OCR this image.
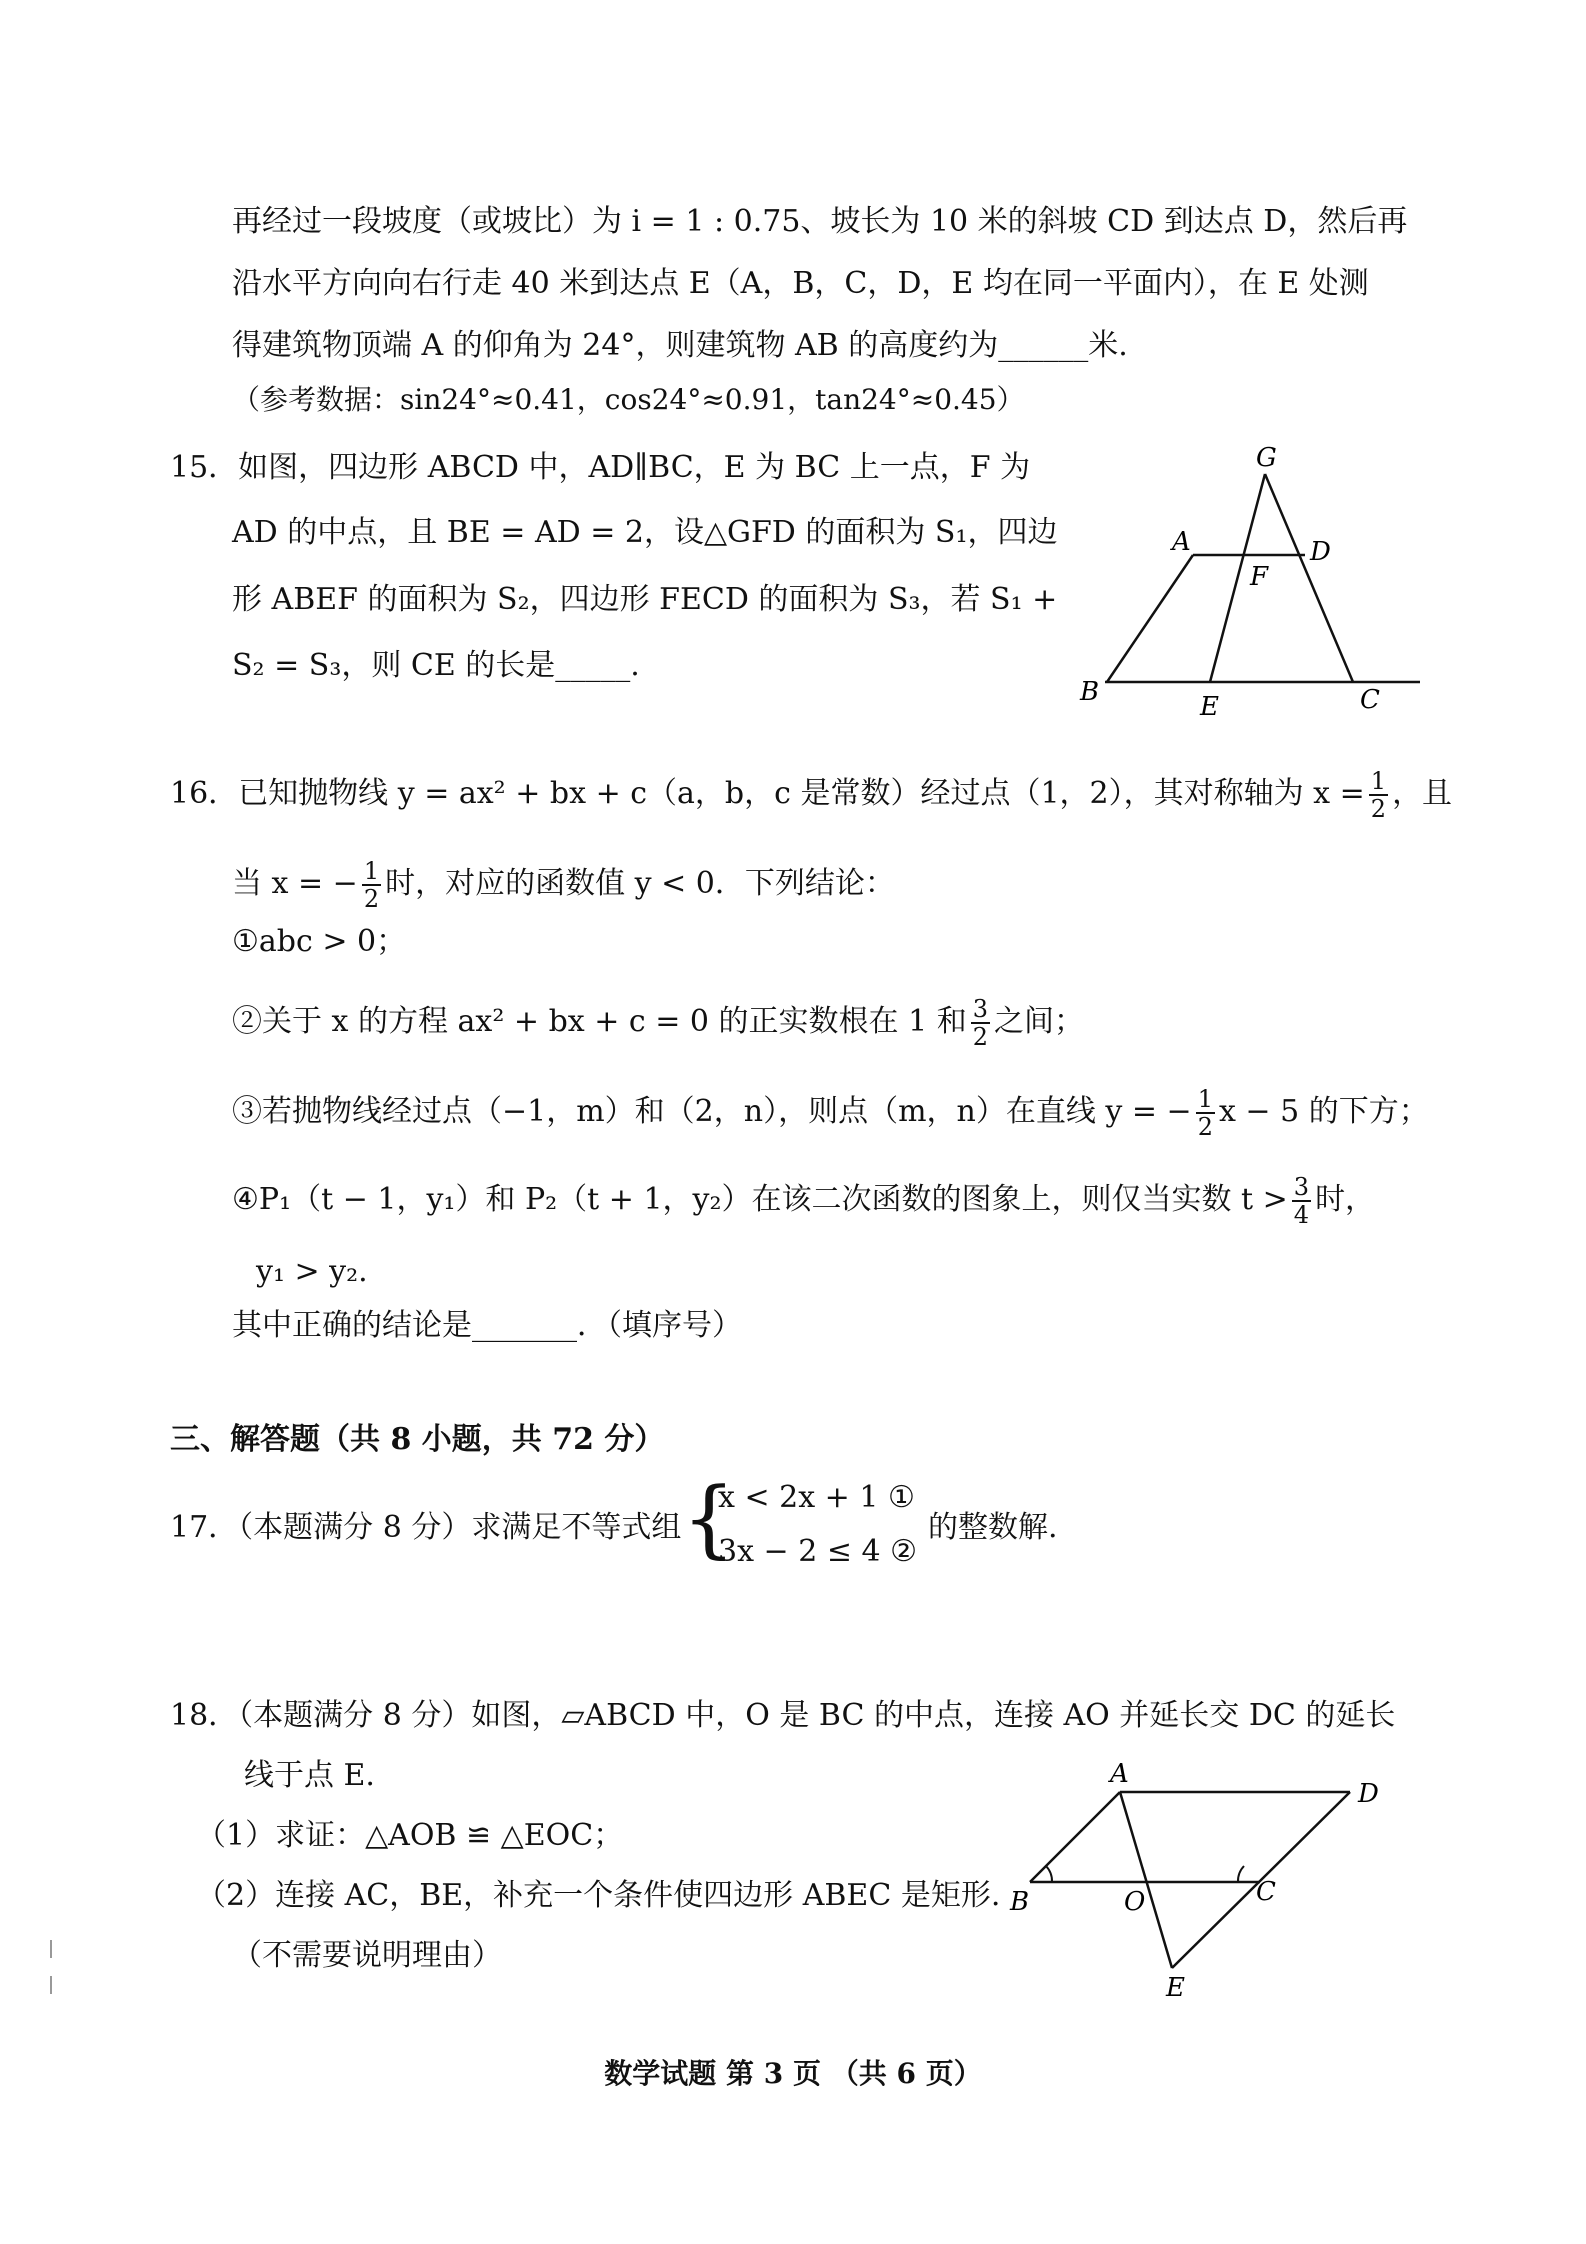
再经过一段坡度（或坡比）为 i = 1 : 0.75、坡长为 10 米的斜坡 CD 到达点 D，然后再
沿水平方向向右行走 40 米到达点 E（A，B，C，D，E 均在同一平面内），在 E 处测
得建筑物顶端 A 的仰角为 24°，则建筑物 AB 的高度约为______米.
（参考数据：sin24°≈0.41，cos24°≈0.91，tan24°≈0.45）
15．如图，四边形 ABCD 中，AD∥BC，E 为 BC 上一点，F 为
AD 的中点，且 BE = AD = 2，设△GFD 的面积为 S₁，四边
形 ABEF 的面积为 S₂，四边形 FECD 的面积为 S₃，若 S₁ +
S₂ = S₃，则 CE 的长是_____.
G
A	D
F
B	E	C
16．已知抛物线 y = ax² + bx + c（a，b，c 是常数）经过点（1，2），其对称轴为 $x = \frac{1}{2}$ ，且
当 x = − $\frac{1}{2}$ 时，对应的函数值 y < 0．下列结论：
①abc > 0；
②关于 x 的方程 ax² + bx + c = 0 的正实数根在 1 和 $\frac{3}{2}$ 之间；
③若抛物线经过点（−1，m）和（2，n），则点（m，n）在直线 y = − $\frac{1}{2}$ x − 5 的下方；
④P₁（t − 1，y₁）和 P₂（t + 1，y₂）在该二次函数的图象上，则仅当实数 $t > \frac{3}{4}$ 时，
y₁ > y₂.
其中正确的结论是_______．（填序号）
三、解答题（共 8 小题，共 72 分）
17．（本题满分 8 分）求满足不等式组 {
x < 2x + 1 ①
3x − 2 ≤ 4 ②
的整数解.
18．（本题满分 8 分）如图，▱ABCD 中，O 是 BC 的中点，连接 AO 并延长交 DC 的延长
线于点 E.
（1）求证：△AOB ≌ △EOC；
（2）连接 AC，BE，补充一个条件使四边形 ABEC 是矩形.
（不需要说明理由）
A
D
B	O	C
E
数学试题 第 3 页 （共 6 页）
